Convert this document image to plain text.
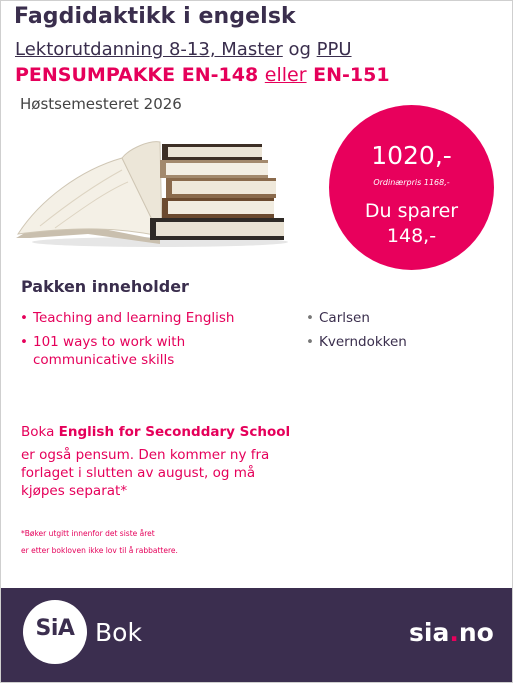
Fagdidaktikk i engelsk
Lektorutdanning 8-13, Master og PPU
PENSUMPAKKE EN-148 eller EN-151
Høstsemesteret 2026
1020,-
Ordinærpris 1168,-
Du sparer
148,-
Pakken inneholder
• Teaching and learning English
• 101 ways to work with communicative skills
• Carlsen
• Kverndokken
Boka English for Seconddary School
er også pensum. Den kommer ny fra forlaget i slutten av august, og må kjøpes separat*
*Bøker utgitt innenfor det siste året
er etter bokloven ikke lov til å rabbattere.
SiA Bok	sia.no
